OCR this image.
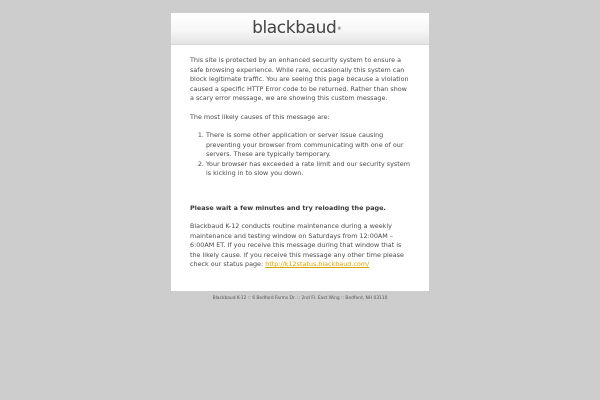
blackbaud®

This site is protected by an enhanced security system to ensure a safe browsing experience. While rare, occasionally this system can block legitimate traffic. You are seeing this page because a violation caused a specific HTTP Error code to be returned. Rather than show a scary error message, we are showing this custom message.

The most likely causes of this message are:

1. There is some other application or server issue causing preventing your browser from communicating with one of our servers. These are typically temporary.
2. Your browser has exceeded a rate limit and our security system is kicking in to slow you down.

Please wait a few minutes and try reloading the page.

Blackbaud K-12 conducts routine maintenance during a weekly maintenance and testing window on Saturdays from 12:00AM – 6:00AM ET. If you receive this message during that window that is the likely cause. If you receive this message any other time please check our status page: http://k12status.blackbaud.com/

Blackbaud K-12 :: 6 Bedford Farms Dr. :: 2nd Fl. East Wing :: Bedford, NH 03110
